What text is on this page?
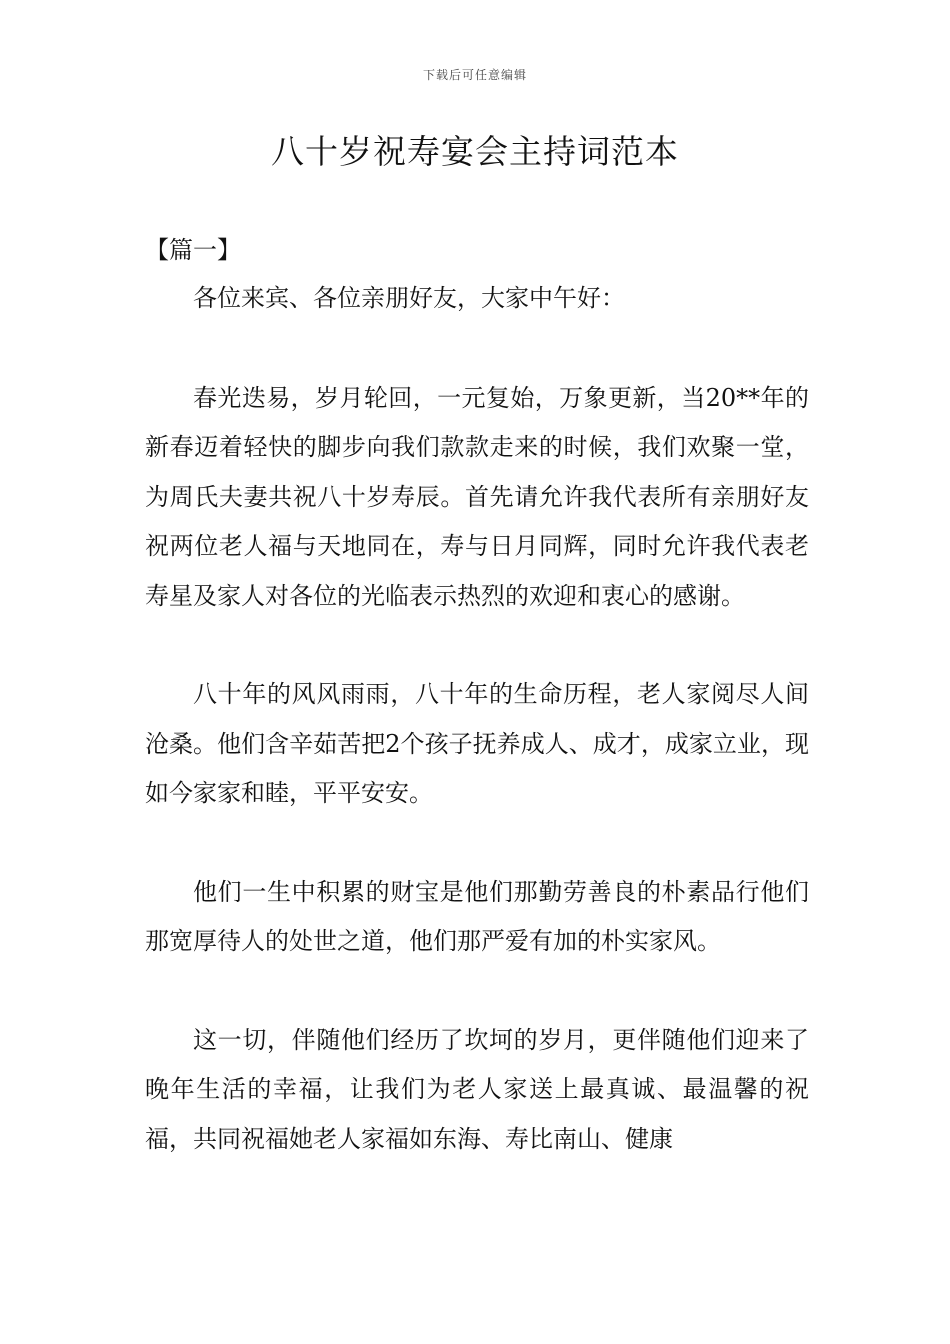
下载后可任意编辑
八十岁祝寿宴会主持词范本

【篇一】

各位来宾、各位亲朋好友，大家中午好：

春光迭易，岁月轮回，一元复始，万象更新，当20**年的新春迈着轻快的脚步向我们款款走来的时候，我们欢聚一堂，为周氏夫妻共祝八十岁寿辰。首先请允许我代表所有亲朋好友祝两位老人福与天地同在，寿与日月同辉，同时允许我代表老寿星及家人对各位的光临表示热烈的欢迎和衷心的感谢。

八十年的风风雨雨，八十年的生命历程，老人家阅尽人间沧桑。他们含辛茹苦把2个孩子抚养成人、成才，成家立业，现如今家家和睦，平平安安。

他们一生中积累的财宝是他们那勤劳善良的朴素品行他们那宽厚待人的处世之道，他们那严爱有加的朴实家风。

这一切，伴随他们经历了坎坷的岁月，更伴随他们迎来了晚年生活的幸福，让我们为老人家送上最真诚、最温馨的祝福，共同祝福她老人家福如东海、寿比南山、健康
